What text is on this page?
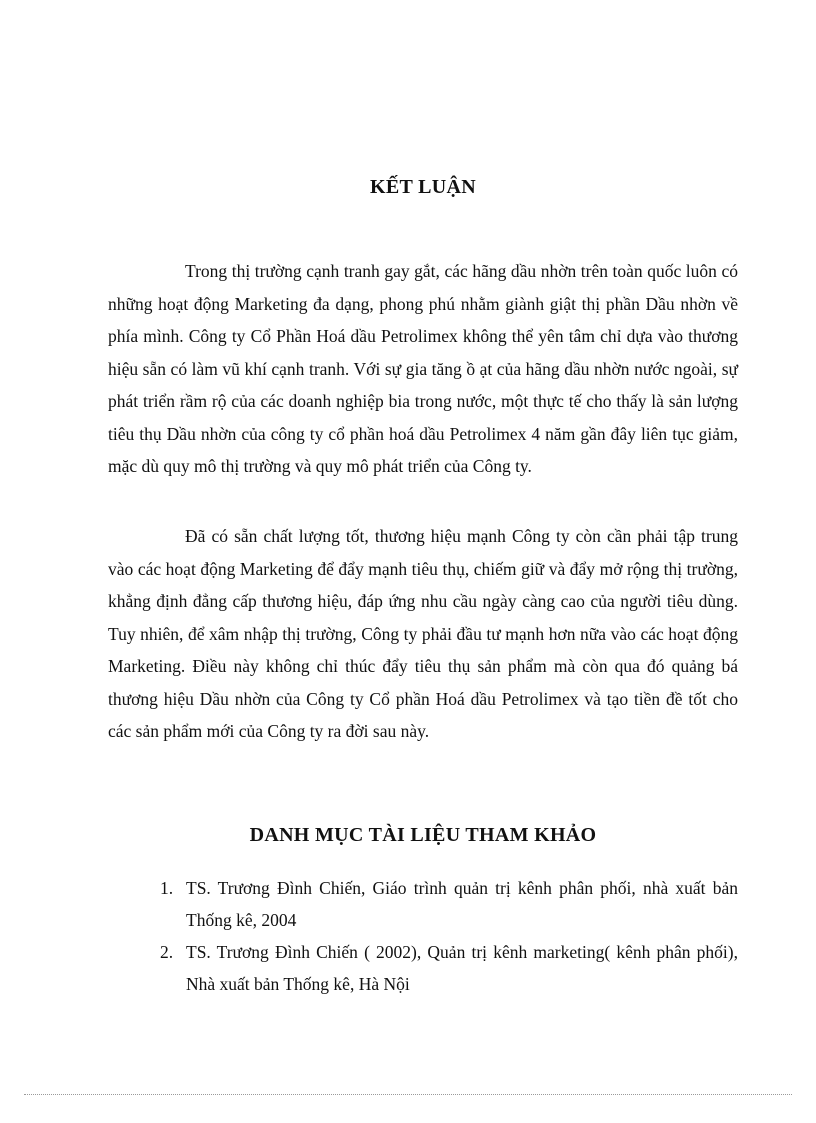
KẾT LUẬN

Trong thị trường cạnh tranh gay gắt, các hãng dầu nhờn trên toàn quốc luôn có những hoạt động Marketing đa dạng, phong phú nhằm giành giật thị phần Dầu nhờn về phía mình. Công ty Cổ Phần Hoá dầu Petrolimex không thể yên tâm chỉ dựa vào thương hiệu sẵn có làm vũ khí cạnh tranh. Với sự gia tăng ồ ạt của hãng dầu nhờn nước ngoài, sự phát triển rầm rộ của các doanh nghiệp bia trong nước, một thực tế cho thấy là sản lượng tiêu thụ Dầu nhờn của công ty cổ phần hoá dầu Petrolimex 4 năm gần đây liên tục giảm, mặc dù quy mô thị trường và quy mô phát triển của Công ty.

Đã có sẵn chất lượng tốt, thương hiệu mạnh Công ty còn cần phải tập trung vào các hoạt động Marketing để đẩy mạnh tiêu thụ, chiếm giữ và đẩy mở rộng thị trường, khẳng định đẳng cấp thương hiệu, đáp ứng nhu cầu ngày càng cao của người tiêu dùng. Tuy nhiên, để xâm nhập thị trường, Công ty phải đầu tư mạnh hơn nữa vào các hoạt động Marketing. Điều này không chỉ thúc đẩy tiêu thụ sản phẩm mà còn qua đó quảng bá thương hiệu Dầu nhờn của Công ty Cổ phần Hoá dầu Petrolimex và tạo tiền đề tốt cho các sản phẩm mới của Công ty ra đời sau này.

DANH MỤC TÀI LIỆU THAM KHẢO
1. TS. Trương Đình Chiến, Giáo trình quản trị kênh phân phối, nhà xuất bản Thống kê, 2004
2. TS. Trương Đình Chiến ( 2002), Quản trị kênh marketing( kênh phân phối), Nhà xuất bản Thống kê, Hà Nội
